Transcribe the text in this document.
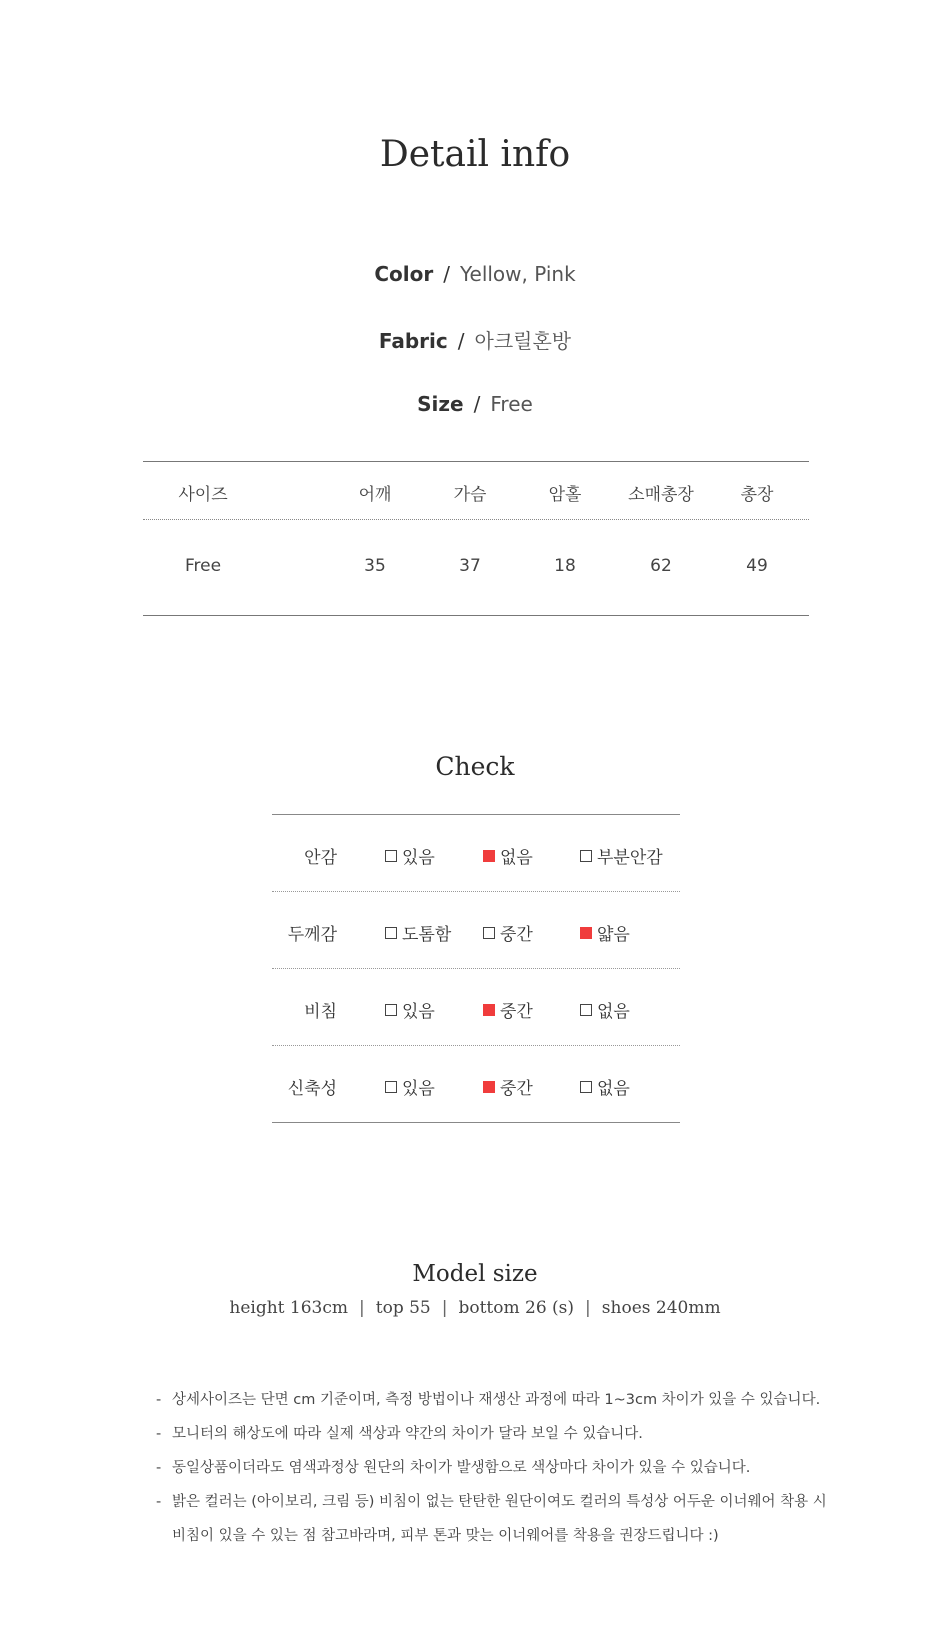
Detail info
Color / Yellow, Pink
Fabric / 아크릴혼방
Size / Free
사이즈	어깨	가슴	암홀	소매총장	총장
Free	35	37	18	62	49
Check
안감	있음	없음	부분안감
두께감	도톰함	중간	얇음
비침	있음	중간	없음
신축성	있음	중간	없음
Model size
height 163cm | top 55 | bottom 26 (s) | shoes 240mm
- 상세사이즈는 단면 cm 기준이며, 측정 방법이나 재생산 과정에 따라 1~3cm 차이가 있을 수 있습니다.
- 모니터의 해상도에 따라 실제 색상과 약간의 차이가 달라 보일 수 있습니다.
- 동일상품이더라도 염색과정상 원단의 차이가 발생함으로 색상마다 차이가 있을 수 있습니다.
- 밝은 컬러는 (아이보리, 크림 등) 비침이 없는 탄탄한 원단이여도 컬러의 특성상 어두운 이너웨어 착용 시
비침이 있을 수 있는 점 참고바라며, 피부 톤과 맞는 이너웨어를 착용을 권장드립니다 :)
